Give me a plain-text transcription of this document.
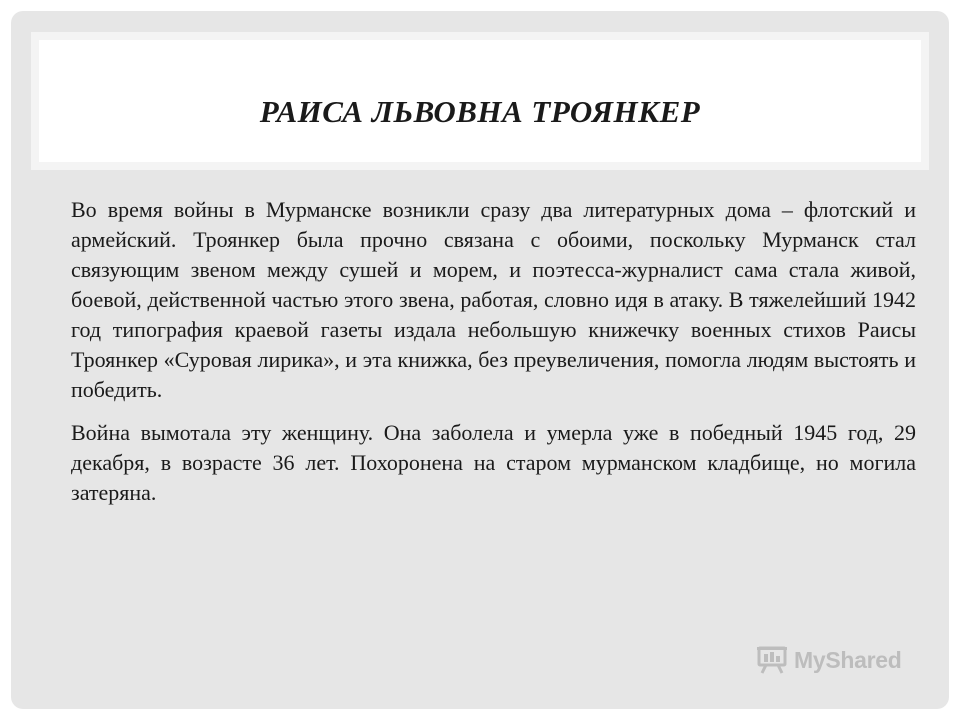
РАИСА ЛЬВОВНА ТРОЯНКЕР

Во время войны в Мурманске возникли сразу два литературных дома – флотский и армейский. Троянкер была прочно связана с обоими, поскольку Мурманск стал связующим звеном между сушей и морем, и поэтесса-журналист сама стала живой, боевой, действенной частью этого звена, работая, словно идя в атаку. В тяжелейший 1942 год типография краевой газеты издала небольшую книжечку военных стихов Раисы Троянкер «Суровая лирика», и эта книжка, без преувеличения, помогла людям выстоять и победить.

Война вымотала эту женщину. Она заболела и умерла уже в победный 1945 год, 29 декабря, в возрасте 36 лет. Похоронена на старом мурманском кладбище, но могила затеряна.

MyShared
